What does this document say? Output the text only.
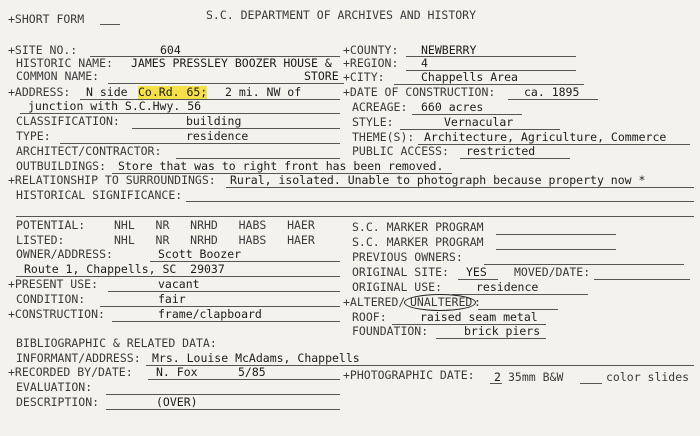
+SHORT FORM	S.C. DEPARTMENT OF ARCHIVES AND HISTORY
+SITE NO.:	604
HISTORIC NAME: JAMES PRESSLEY BOOZER HOUSE &
COMMON NAME:	STORE
+ADDRESS: N side Co.Rd. 65; 2 mi. NW of
junction with S.C.Hwy. 56
CLASSIFICATION:	building
TYPE:	residence
ARCHITECT/CONTRACTOR:
+COUNTY: NEWBERRY
+REGION: 4
+CITY:	Chappells Area
+DATE OF CONSTRUCTION: ca. 1895
ACREAGE: 660 acres
STYLE:	Vernacular
THEME(S): Architecture, Agriculture, Commerce
PUBLIC ACCESS: restricted
OUTBUILDINGS: Store that was to right front has been removed.
+RELATIONSHIP TO SURROUNDINGS: Rural, isolated. Unable to photograph because property now *
HISTORICAL SIGNIFICANCE:
POTENTIAL:	NHL   NR   NRHD   HABS   HAER	S.C. MARKER PROGRAM
LISTED:	NHL   NR   NRHD   HABS   HAER	S.C. MARKER PROGRAM
OWNER/ADDRESS:	Scott Boozer
Route 1, Chappells, SC  29037
PREVIOUS OWNERS:
ORIGINAL SITE: YES MOVED/DATE:
+PRESENT USE:	vacant	ORIGINAL USE:	residence
CONDITION:	fair	+ALTERED/ UNALTERED :
+CONSTRUCTION:	frame/clapboard	ROOF:	raised seam metal
FOUNDATION:	brick piers
BIBLIOGRAPHIC & RELATED DATA:
INFORMANT/ADDRESS: Mrs. Louise McAdams, Chappells
+RECORDED BY/DATE: N. Fox	5/85	+PHOTOGRAPHIC DATE: 2 35mm B&W	color slides
EVALUATION:
DESCRIPTION:	(OVER)
